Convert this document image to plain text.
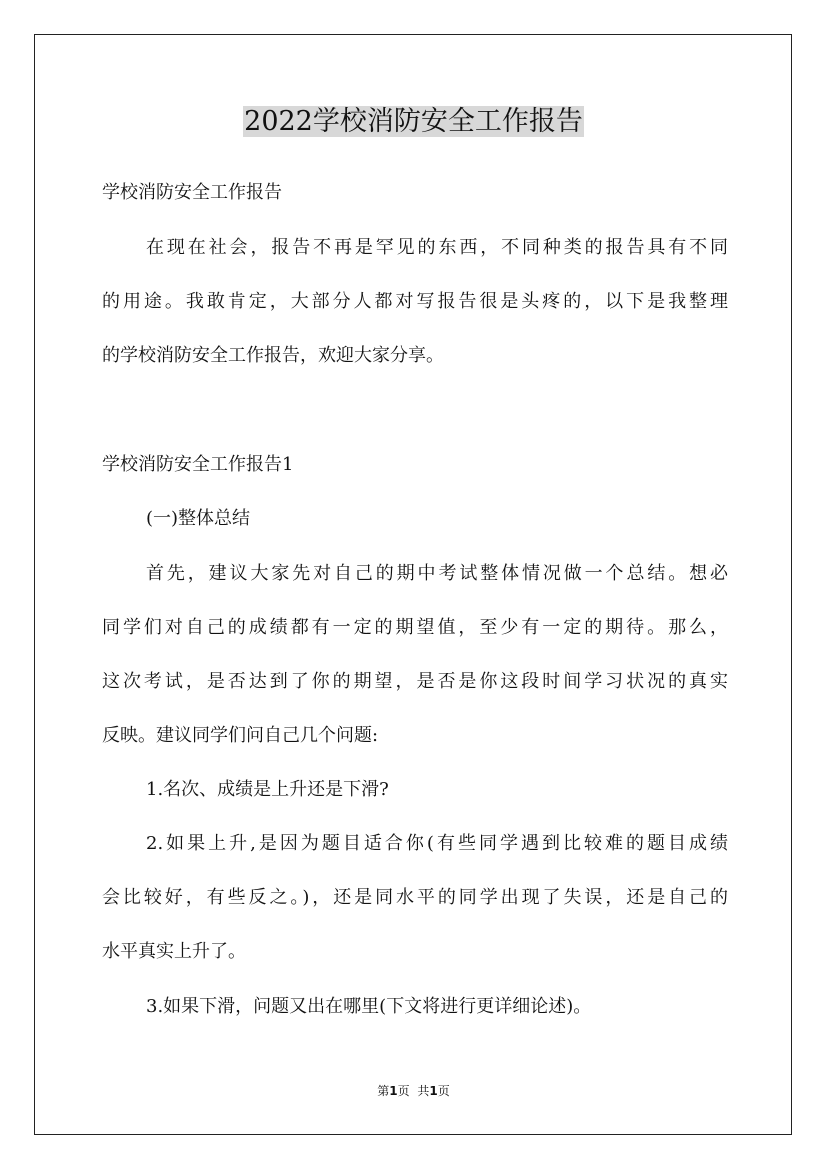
2022学校消防安全工作报告
学校消防安全工作报告
在现在社会，报告不再是罕见的东西，不同种类的报告具有不同
的用途。我敢肯定，大部分人都对写报告很是头疼的，以下是我整理
的学校消防安全工作报告，欢迎大家分享。
学校消防安全工作报告1
(一)整体总结
首先，建议大家先对自己的期中考试整体情况做一个总结。想必
同学们对自己的成绩都有一定的期望值，至少有一定的期待。那么，
这次考试，是否达到了你的期望，是否是你这段时间学习状况的真实
反映。建议同学们问自己几个问题:
1.名次、成绩是上升还是下滑?
2.如果上升,是因为题目适合你(有些同学遇到比较难的题目成绩
会比较好，有些反之。)，还是同水平的同学出现了失误，还是自己的
水平真实上升了。
3.如果下滑，问题又出在哪里(下文将进行更详细论述)。
第1页 共1页
